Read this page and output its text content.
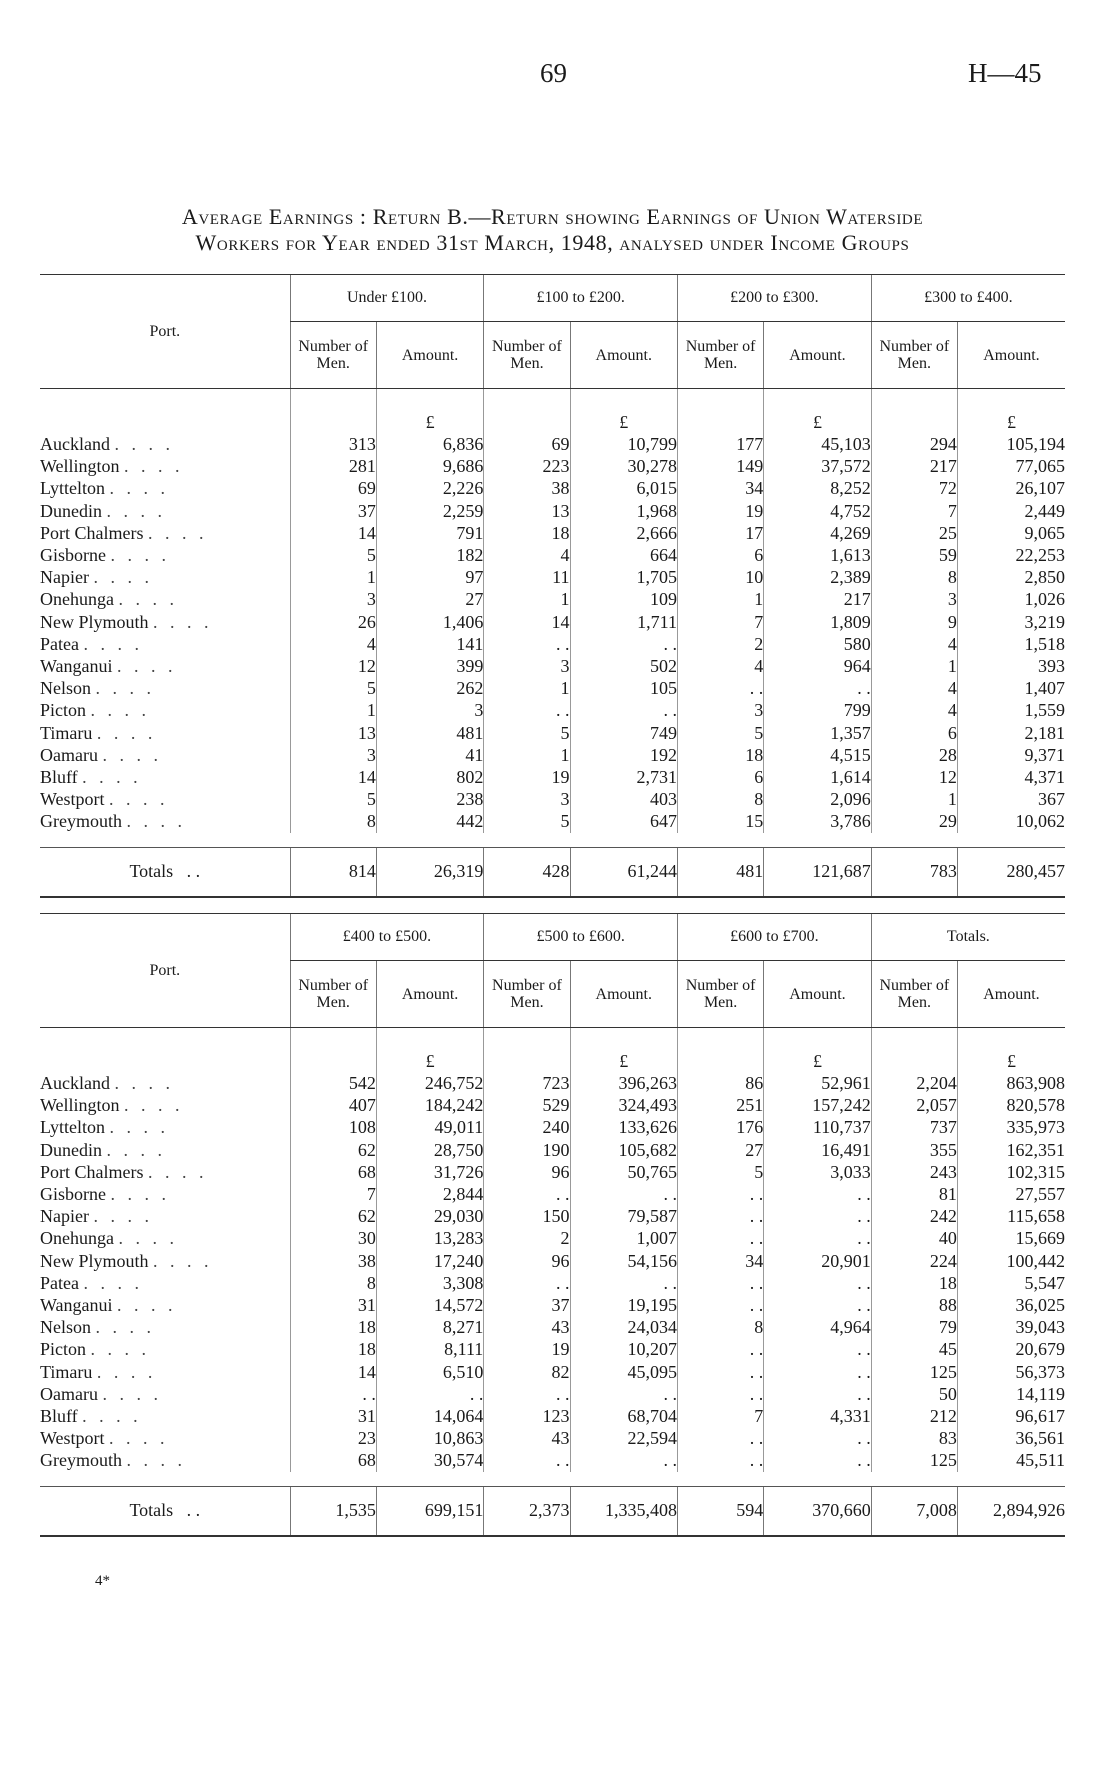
69	H—45
Average Earnings : Return B.—Return showing Earnings of Union Waterside
Workers for Year ended 31st March, 1948, analysed under Income Groups
Port.	Under £100.		£100 to £200.		£200 to £300.		£300 to £400.	
	Number of Men.	Amount.	Number of Men.	Amount.	Number of Men.	Amount.	Number of Men.	Amount.
		£		£		£		£
Auckland . . . .	313	6,836	69	10,799	177	45,103	294	105,194
Wellington . . . .	281	9,686	223	30,278	149	37,572	217	77,065
Lyttelton . . . .	69	2,226	38	6,015	34	8,252	72	26,107
Dunedin . . . .	37	2,259	13	1,968	19	4,752	7	2,449
Port Chalmers . . . .	14	791	18	2,666	17	4,269	25	9,065
Gisborne . . . .	5	182	4	664	6	1,613	59	22,253
Napier . . . .	1	97	11	1,705	10	2,389	8	2,850
Onehunga . . . .	3	27	1	109	1	217	3	1,026
New Plymouth . . . .	26	1,406	14	1,711	7	1,809	9	3,219
Patea . . . .	4	141	. .	. .	2	580	4	1,518
Wanganui . . . .	12	399	3	502	4	964	1	393
Nelson . . . .	5	262	1	105	. .	. .	4	1,407
Picton . . . .	1	3	. .	. .	3	799	4	1,559
Timaru . . . .	13	481	5	749	5	1,357	6	2,181
Oamaru . . . .	3	41	1	192	18	4,515	28	9,371
Bluff . . . .	14	802	19	2,731	6	1,614	12	4,371
Westport . . . .	5	238	3	403	8	2,096	1	367
Greymouth . . . .	8	442	5	647	15	3,786	29	10,062

Totals . .	814	26,319	428	61,244	481	121,687	783	280,457
Port.	£400 to £500.		£500 to £600.		£600 to £700.		Totals.	
	Number of Men.	Amount.	Number of Men.	Amount.	Number of Men.	Amount.	Number of Men.	Amount.
		£		£		£		£
Auckland . . . .	542	246,752	723	396,263	86	52,961	2,204	863,908
Wellington . . . .	407	184,242	529	324,493	251	157,242	2,057	820,578
Lyttelton . . . .	108	49,011	240	133,626	176	110,737	737	335,973
Dunedin . . . .	62	28,750	190	105,682	27	16,491	355	162,351
Port Chalmers . . . .	68	31,726	96	50,765	5	3,033	243	102,315
Gisborne . . . .	7	2,844	. .	. .	. .	. .	81	27,557
Napier . . . .	62	29,030	150	79,587	. .	. .	242	115,658
Onehunga . . . .	30	13,283	2	1,007	. .	. .	40	15,669
New Plymouth . . . .	38	17,240	96	54,156	34	20,901	224	100,442
Patea . . . .	8	3,308	. .	. .	. .	. .	18	5,547
Wanganui . . . .	31	14,572	37	19,195	. .	. .	88	36,025
Nelson . . . .	18	8,271	43	24,034	8	4,964	79	39,043
Picton . . . .	18	8,111	19	10,207	. .	. .	45	20,679
Timaru . . . .	14	6,510	82	45,095	. .	. .	125	56,373
Oamaru . . . .	. .	. .	. .	. .	. .	. .	50	14,119
Bluff . . . .	31	14,064	123	68,704	7	4,331	212	96,617
Westport . . . .	23	10,863	43	22,594	. .	. .	83	36,561
Greymouth . . . .	68	30,574	. .	. .	. .	. .	125	45,511

Totals . .	1,535	699,151	2,373	1,335,408	594	370,660	7,008	2,894,926
4*
